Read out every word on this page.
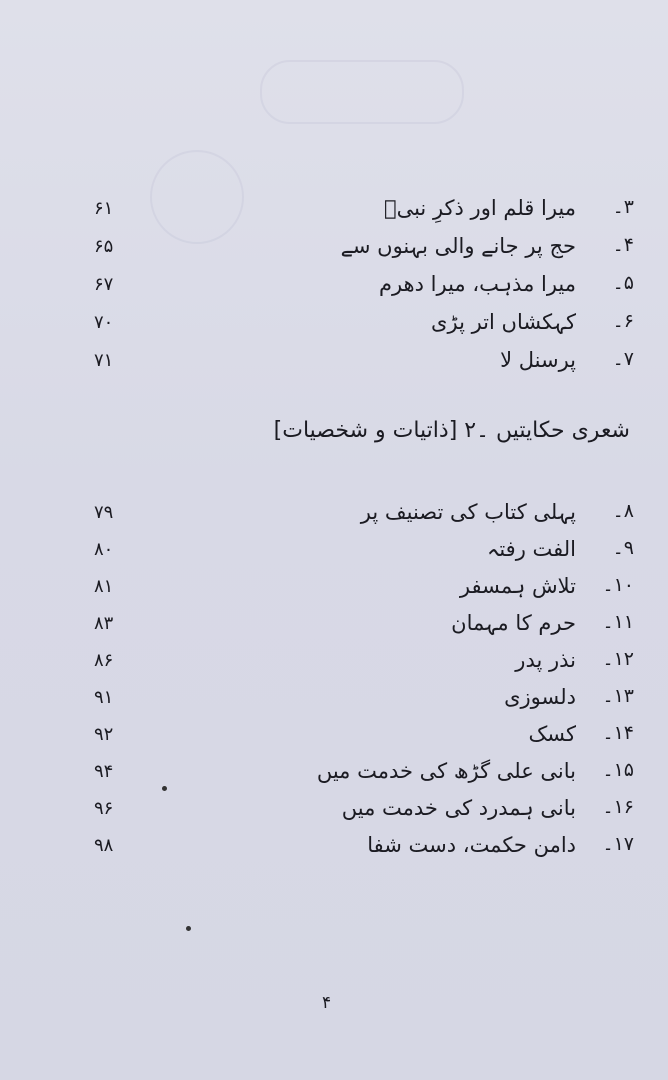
۳۔
میرا قلم اور ذکرِ نبیؐ
۶۱
۴۔
حج پر جانے والی بہنوں سے
۶۵
۵۔
میرا مذہب، میرا دھرم
۶۷
۶۔
کہکشاں اتر پڑی
۷۰
۷۔
پرسنل لا
۷۱
شعری حکایتیں ۔۲ [ذاتیات و شخصیات]
۸۔
پہلی کتاب کی تصنیف پر
۷۹
۹۔
الفت رفتہ
۸۰
۱۰۔
تلاش ہمسفر
۸۱
۱۱۔
حرم کا مہمان
۸۳
۱۲۔
نذر پدر
۸۶
۱۳۔
دلسوزی
۹۱
۱۴۔
کسک
۹۲
۱۵۔
بانی علی گڑھ کی خدمت میں
۹۴
۱۶۔
بانی ہمدرد کی خدمت میں
۹۶
۱۷۔
دامن حکمت، دست شفا
۹۸
۴
